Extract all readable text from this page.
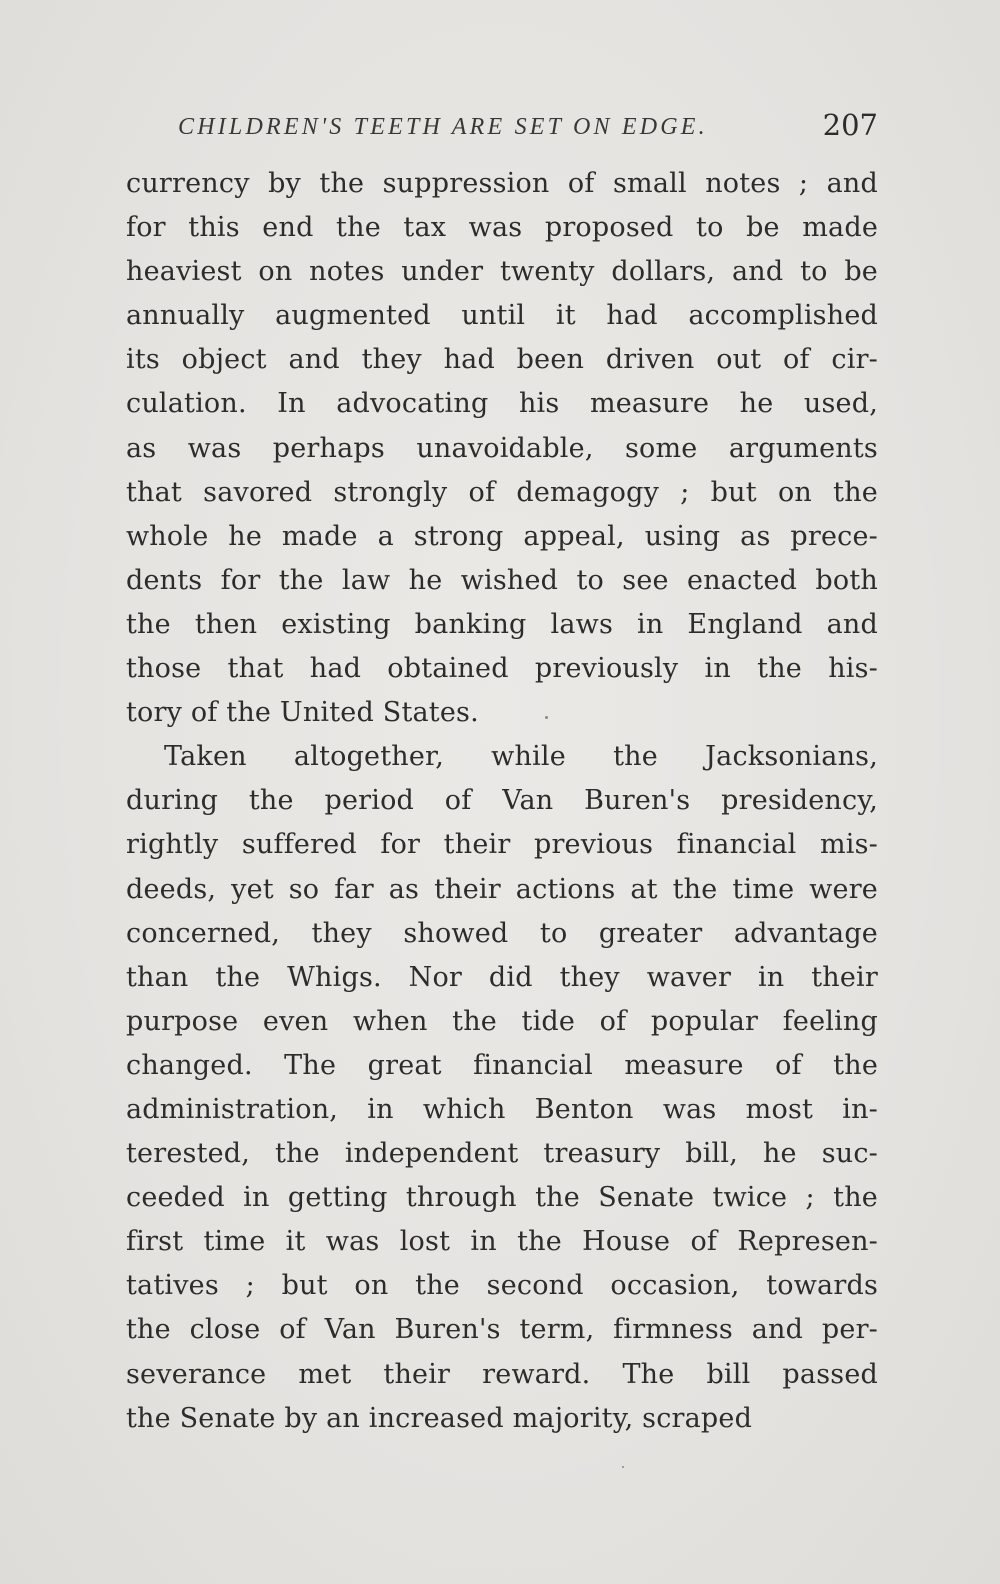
CHILDREN'S TEETH ARE SET ON EDGE.	207
currency by the suppression of small notes ; and
for this end the tax was proposed to be made
heaviest on notes under twenty dollars, and to be
annually augmented until it had accomplished
its object and they had been driven out of cir-
culation. In advocating his measure he used,
as was perhaps unavoidable, some arguments
that savored strongly of demagogy ; but on the
whole he made a strong appeal, using as prece-
dents for the law he wished to see enacted both
the then existing banking laws in England and
those that had obtained previously in the his-
tory of the United States.
Taken altogether, while the Jacksonians,
during the period of Van Buren's presidency,
rightly suffered for their previous financial mis-
deeds, yet so far as their actions at the time were
concerned, they showed to greater advantage
than the Whigs. Nor did they waver in their
purpose even when the tide of popular feeling
changed. The great financial measure of the
administration, in which Benton was most in-
terested, the independent treasury bill, he suc-
ceeded in getting through the Senate twice ; the
first time it was lost in the House of Represen-
tatives ; but on the second occasion, towards
the close of Van Buren's term, firmness and per-
severance met their reward. The bill passed
the Senate by an increased majority, scraped
